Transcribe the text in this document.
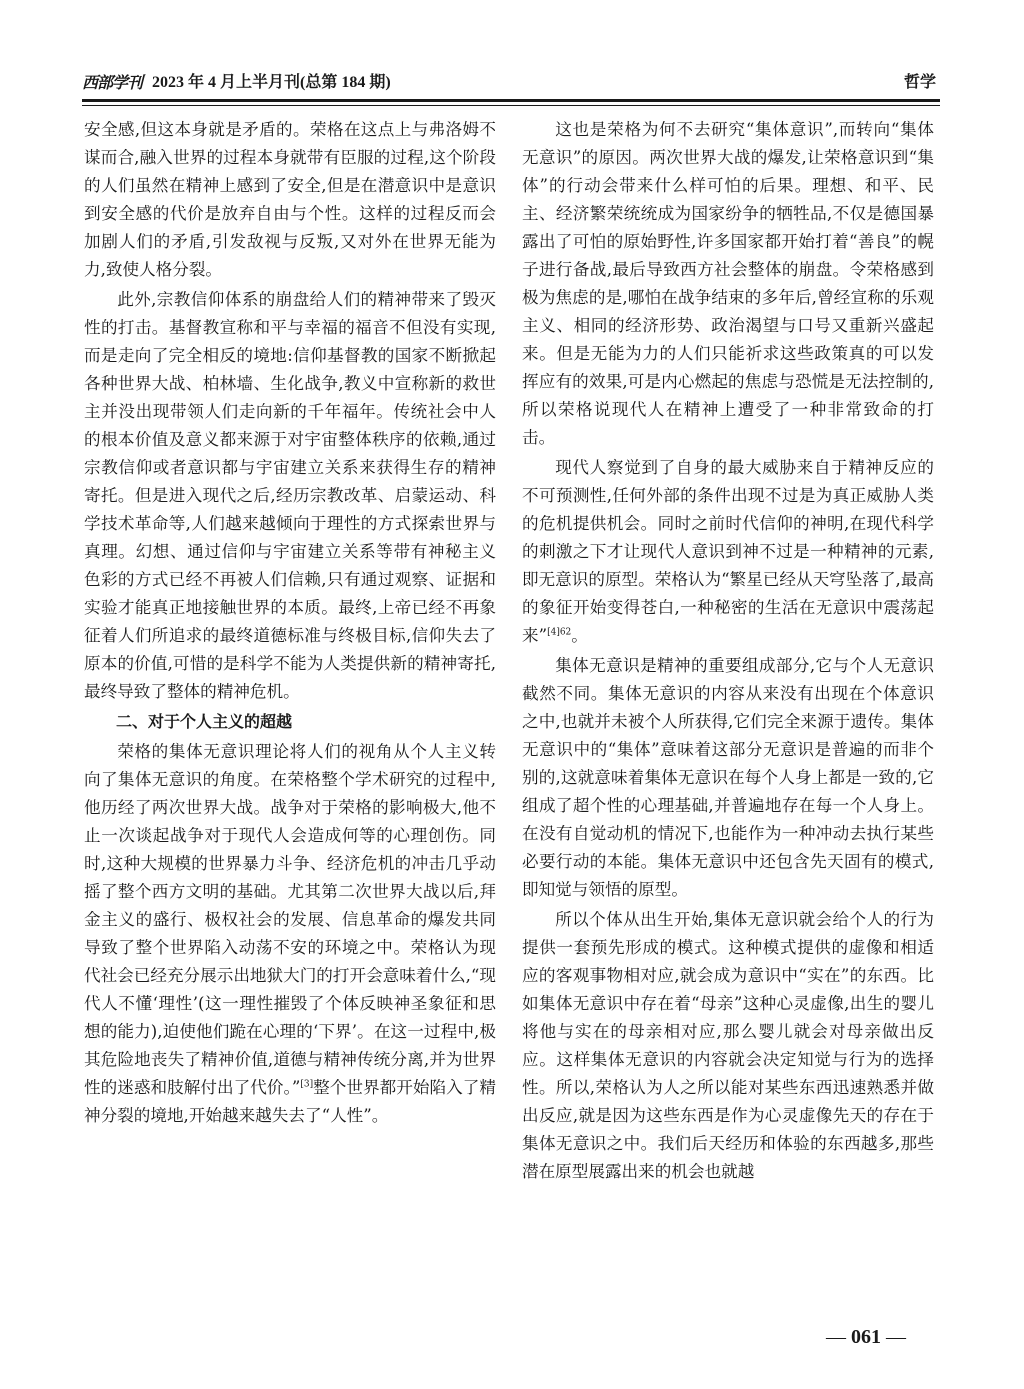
西部学刊 2023 年 4 月上半月刊(总第 184 期)	哲学

安全感,但这本身就是矛盾的。荣格在这点上与弗洛姆不谋而合,融入世界的过程本身就带有臣服的过程,这个阶段的人们虽然在精神上感到了安全,但是在潜意识中是意识到安全感的代价是放弃自由与个性。这样的过程反而会加剧人们的矛盾,引发敌视与反叛,又对外在世界无能为力,致使人格分裂。

此外,宗教信仰体系的崩盘给人们的精神带来了毁灭性的打击。基督教宣称和平与幸福的福音不但没有实现,而是走向了完全相反的境地:信仰基督教的国家不断掀起各种世界大战、柏林墙、生化战争,教义中宣称新的救世主并没出现带领人们走向新的千年福年。传统社会中人的根本价值及意义都来源于对宇宙整体秩序的依赖,通过宗教信仰或者意识都与宇宙建立关系来获得生存的精神寄托。但是进入现代之后,经历宗教改革、启蒙运动、科学技术革命等,人们越来越倾向于理性的方式探索世界与真理。幻想、通过信仰与宇宙建立关系等带有神秘主义色彩的方式已经不再被人们信赖,只有通过观察、证据和实验才能真正地接触世界的本质。最终,上帝已经不再象征着人们所追求的最终道德标准与终极目标,信仰失去了原本的价值,可惜的是科学不能为人类提供新的精神寄托,最终导致了整体的精神危机。

二、对于个人主义的超越

荣格的集体无意识理论将人们的视角从个人主义转向了集体无意识的角度。在荣格整个学术研究的过程中,他历经了两次世界大战。战争对于荣格的影响极大,他不止一次谈起战争对于现代人会造成何等的心理创伤。同时,这种大规模的世界暴力斗争、经济危机的冲击几乎动摇了整个西方文明的基础。尤其第二次世界大战以后,拜金主义的盛行、极权社会的发展、信息革命的爆发共同导致了整个世界陷入动荡不安的环境之中。荣格认为现代社会已经充分展示出地狱大门的打开会意味着什么,“现代人不懂‘理性’(这一理性摧毁了个体反映神圣象征和思想的能力),迫使他们跪在心理的‘下界’。在这一过程中,极其危险地丧失了精神价值,道德与精神传统分离,并为世界性的迷惑和肢解付出了代价。”[3]整个世界都开始陷入了精神分裂的境地,开始越来越失去了“人性”。

这也是荣格为何不去研究“集体意识”,而转向“集体无意识”的原因。两次世界大战的爆发,让荣格意识到“集体”的行动会带来什么样可怕的后果。理想、和平、民主、经济繁荣统统成为国家纷争的牺牲品,不仅是德国暴露出了可怕的原始野性,许多国家都开始打着“善良”的幌子进行备战,最后导致西方社会整体的崩盘。令荣格感到极为焦虑的是,哪怕在战争结束的多年后,曾经宣称的乐观主义、相同的经济形势、政治渴望与口号又重新兴盛起来。但是无能为力的人们只能祈求这些政策真的可以发挥应有的效果,可是内心燃起的焦虑与恐慌是无法控制的,所以荣格说现代人在精神上遭受了一种非常致命的打击。

现代人察觉到了自身的最大威胁来自于精神反应的不可预测性,任何外部的条件出现不过是为真正威胁人类的危机提供机会。同时之前时代信仰的神明,在现代科学的刺激之下才让现代人意识到神不过是一种精神的元素,即无意识的原型。荣格认为“繁星已经从天穹坠落了,最高的象征开始变得苍白,一种秘密的生活在无意识中震荡起来”$^{[4]62}$。

集体无意识是精神的重要组成部分,它与个人无意识截然不同。集体无意识的内容从来没有出现在个体意识之中,也就并未被个人所获得,它们完全来源于遗传。集体无意识中的“集体”意味着这部分无意识是普遍的而非个别的,这就意味着集体无意识在每个人身上都是一致的,它组成了超个性的心理基础,并普遍地存在每一个人身上。在没有自觉动机的情况下,也能作为一种冲动去执行某些必要行动的本能。集体无意识中还包含先天固有的模式,即知觉与领悟的原型。

所以个体从出生开始,集体无意识就会给个人的行为提供一套预先形成的模式。这种模式提供的虚像和相适应的客观事物相对应,就会成为意识中“实在”的东西。比如集体无意识中存在着“母亲”这种心灵虚像,出生的婴儿将他与实在的母亲相对应,那么婴儿就会对母亲做出反应。这样集体无意识的内容就会决定知觉与行为的选择性。所以,荣格认为人之所以能对某些东西迅速熟悉并做出反应,就是因为这些东西是作为心灵虚像先天的存在于集体无意识之中。我们后天经历和体验的东西越多,那些潜在原型展露出来的机会也就越

— 061 —
